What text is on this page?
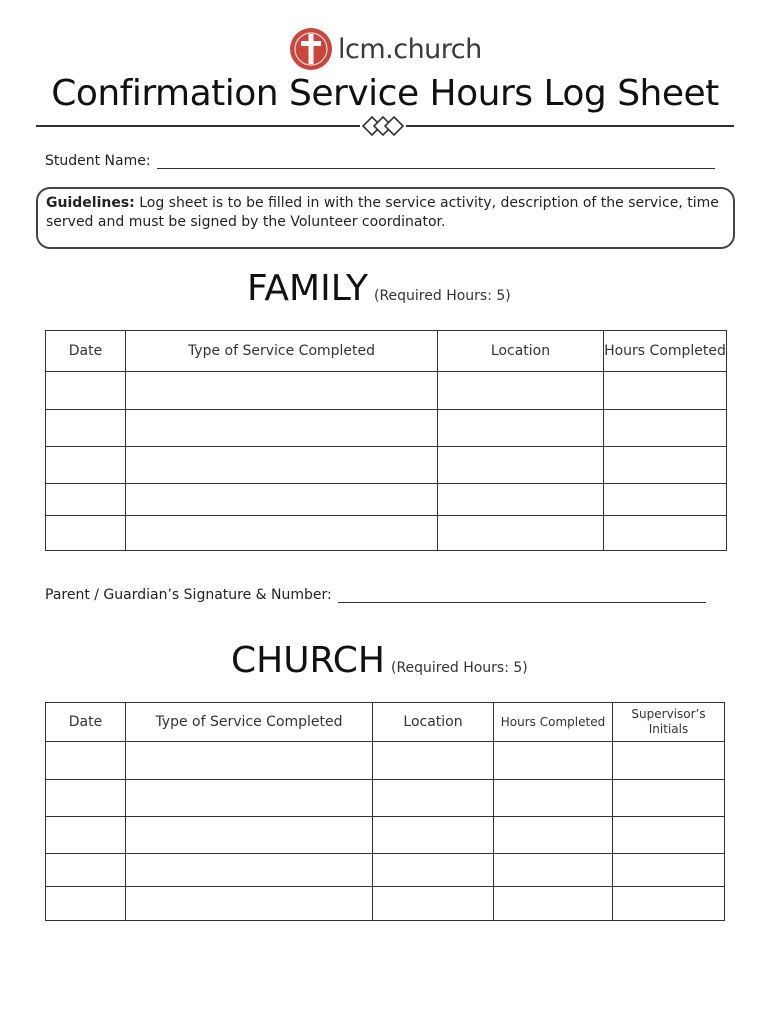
lcm.church
Confirmation Service Hours Log Sheet
Student Name:
Guidelines: Log sheet is to be filled in with the service activity, description of the service, time served and must be signed by the Volunteer coordinator.
FAMILY (Required Hours: 5)
Date	Type of Service Completed	Location	Hours Completed

Parent / Guardian’s Signature & Number:
CHURCH (Required Hours: 5)
Date	Type of Service Completed	Location	Hours Completed	Supervisor’s Initials
